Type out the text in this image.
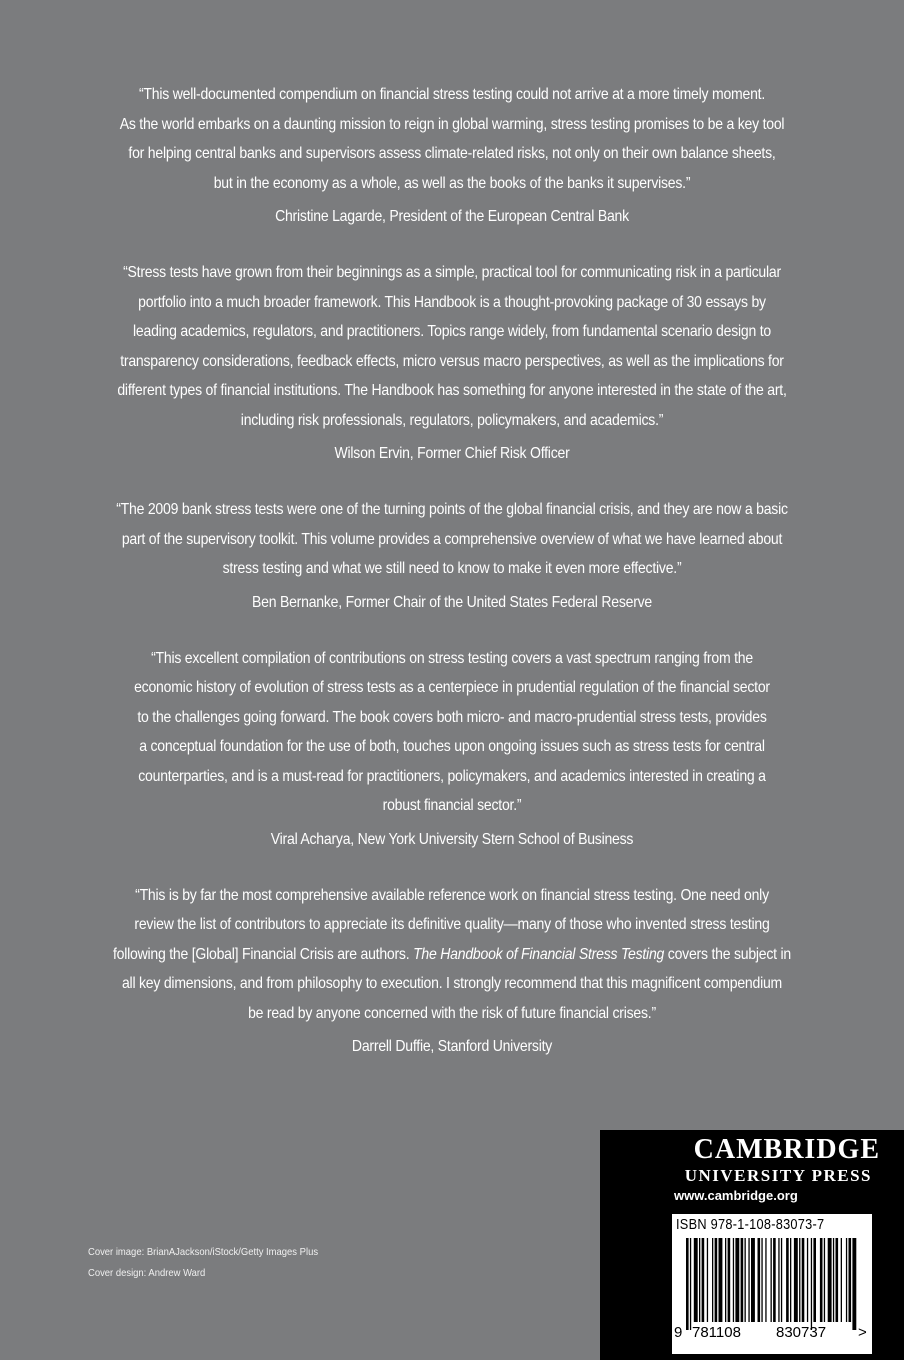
“This well-documented compendium on financial stress testing could not arrive at a more timely moment.
As the world embarks on a daunting mission to reign in global warming, stress testing promises to be a key tool
for helping central banks and supervisors assess climate-related risks, not only on their own balance sheets,
but in the economy as a whole, as well as the books of the banks it supervises.”

Christine Lagarde, President of the European Central Bank

“Stress tests have grown from their beginnings as a simple, practical tool for communicating risk in a particular
portfolio into a much broader framework. This Handbook is a thought-provoking package of 30 essays by
leading academics, regulators, and practitioners. Topics range widely, from fundamental scenario design to
transparency considerations, feedback effects, micro versus macro perspectives, as well as the implications for
different types of financial institutions. The Handbook has something for anyone interested in the state of the art,
including risk professionals, regulators, policymakers, and academics.”

Wilson Ervin, Former Chief Risk Officer

“The 2009 bank stress tests were one of the turning points of the global financial crisis, and they are now a basic
part of the supervisory toolkit. This volume provides a comprehensive overview of what we have learned about
stress testing and what we still need to know to make it even more effective.”

Ben Bernanke, Former Chair of the United States Federal Reserve

“This excellent compilation of contributions on stress testing covers a vast spectrum ranging from the
economic history of evolution of stress tests as a centerpiece in prudential regulation of the financial sector
to the challenges going forward. The book covers both micro- and macro-prudential stress tests, provides
a conceptual foundation for the use of both, touches upon ongoing issues such as stress tests for central
counterparties, and is a must-read for practitioners, policymakers, and academics interested in creating a
robust financial sector.”

Viral Acharya, New York University Stern School of Business

“This is by far the most comprehensive available reference work on financial stress testing. One need only
review the list of contributors to appreciate its definitive quality—many of those who invented stress testing
following the [Global] Financial Crisis are authors. The Handbook of Financial Stress Testing covers the subject in
all key dimensions, and from philosophy to execution. I strongly recommend that this magnificent compendium
be read by anyone concerned with the risk of future financial crises.”

Darrell Duffie, Stanford University

Cover image: BrianAJackson/iStock/Getty Images Plus
Cover design: Andrew Ward
CAMBRIDGE
UNIVERSITY PRESS
www.cambridge.org
ISBN 978-1-108-83073-7
9 781108 830737 >
